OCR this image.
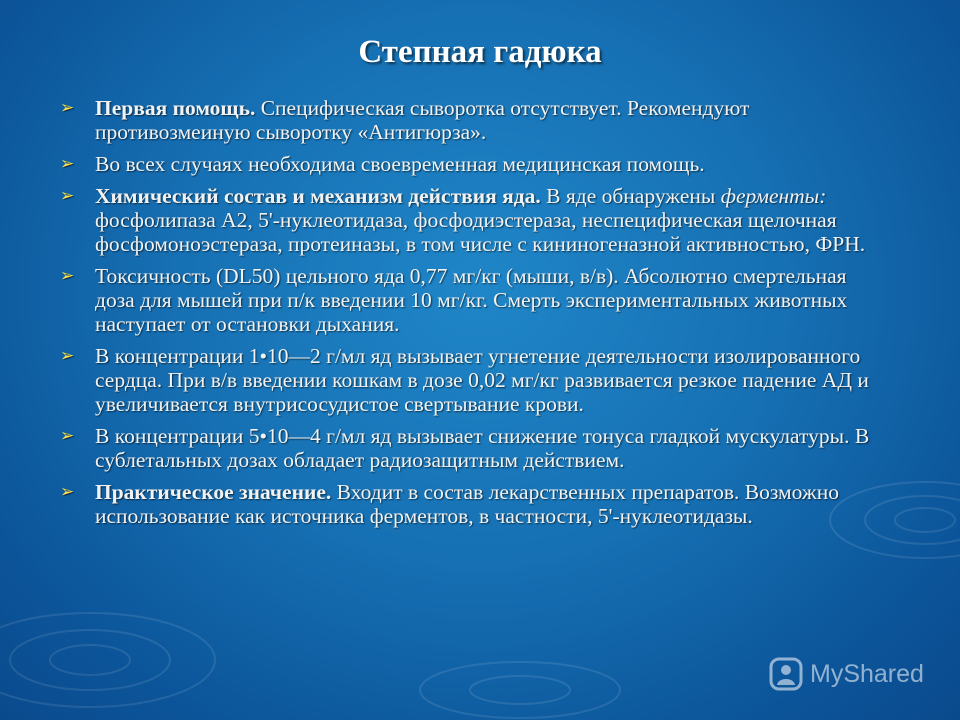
Степная гадюка
➢ Первая помощь. Специфическая сыворотка отсутствует. Рекомендуют противозмеиную сыворотку «Антигюрза».
➢ Во всех случаях необходима своевременная медицинская помощь.
➢ Химический состав и механизм действия яда. В яде обнаружены ферменты: фосфолипаза А2, 5'-нуклеотидаза, фосфодиэстераза, неспецифическая щелочная фосфомоноэстераза, протеиназы, в том числе с кининогеназной активностью, ФРН.
➢ Токсичность (DL50) цельного яда 0,77 мг/кг (мыши, в/в). Абсолютно смертельная доза для мышей при п/к введении 10 мг/кг. Смерть экспериментальных животных наступает от остановки дыхания.
➢ В концентрации 1•10—2 г/мл яд вызывает угнетение деятельности изолированного сердца. При в/в введении кошкам в дозе 0,02 мг/кг развивается резкое падение АД и увеличивается внутрисосудистое свертывание крови.
➢ В концентрации 5•10—4 г/мл яд вызывает снижение тонуса гладкой мускулатуры. В сублетальных дозах обладает радиозащитным действием.
➢ Практическое значение. Входит в состав лекарственных препаратов. Возможно использование как источника ферментов, в частности, 5'-нуклеотидазы.
MyShared
